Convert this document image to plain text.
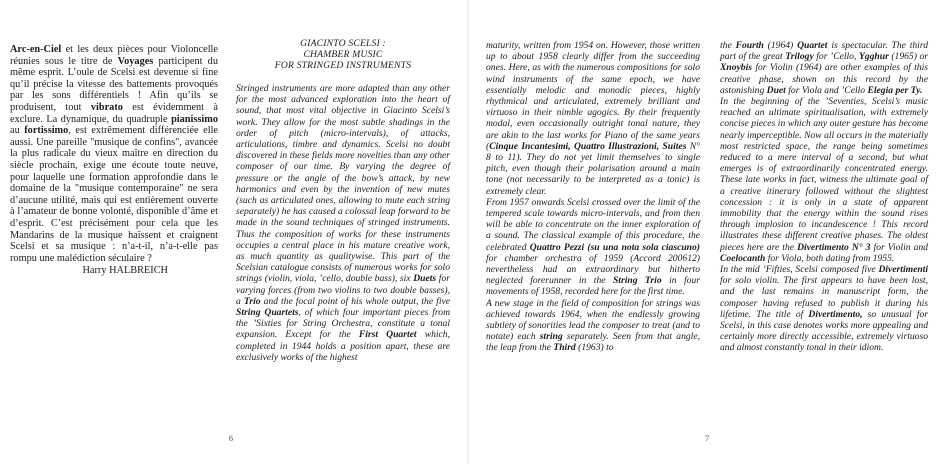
Arc-en-Ciel et les deux pièces pour Violoncelle réunies sous le titre de Voyages participent du même esprit. L’oule de Scelsi est devenue si fine qu’il précise la vitesse des battements provoqués par les sons différentiels ! Afin qu’ils se produisent, tout vibrato est évidemment à exclure. La dynamique, du quadruple pianissimo au fortissimo, est extrêmement différenciée elle aussi. Une pareille "musique de confins", avancée la plus radicale du vieux maître en direction du siècle prochain, exige une écoute toute neuve, pour laquelle une formation approfondie dans le domaine de la "musique contemporaine" ne sera d’aucune utilité, mais qui est entièrement ouverte à l’amateur de bonne volonté, disponible d’âme et d’esprit. C’est précisément pour cela que les Mandarins de la musique haïssent et craignent Scelsi et sa musique : n’a-t-il, n’a-t-elle pas rompu une malédiction séculaire ?

Harry HALBREICH
GIACINTO SCELSI :
CHAMBER MUSIC
FOR STRINGED INSTRUMENTS

Stringed instruments are more adapted than any other for the most advanced exploration into the heart of sound, that most vital objective in Giacinto Scelsi’s work. They allow for the most subtle shadings in the order of pitch (micro-intervals), of attacks, articulations, timbre and dynamics. Scelsi no doubt discovered in these fields more novelties than any other composer of our time. By varying the degree of pressure or the angle of the bow’s attack, by new harmonics and even by the invention of new mutes (such as articulated ones, allowing to mute each string separately) he has caused a colossal leap forward to be made in the sound techniques of stringed instruments. Thus the composition of works for these instruments occupies a central place in his mature creative work, as much quantity as qualitywise. This part of the Scelsian catalogue consists of numerous works for solo strings (violin, viola, ’cello, double bass), six Duets for varying forces (from two violins to two double basses), a Trio and the focal point of his whole output, the five String Quartets, of which four important pieces from the ’Sixties for String Orchestra, constitute a tonal expansion. Except for the First Quartet which, completed in 1944 holds a position apart, these are exclusively works of the highest

maturity, written from 1954 on. However, those written up to about 1958 clearly differ from the succeeding ones. Here, as with the numerous compositions for solo wind instruments of the same epoch, we have essentially melodic and monodic pieces, highly rhythmical and articulated, extremely brilliant and virtuoso in their nimble agogics. By their frequently modal, even occasionally outright tonal nature, they are akin to the last works for Piano of the same years (Cinque Incantesimi, Quattro Illustrazioni, Suites N° 8 to 11). They do not yet limit themselves to single pitch, even though their polarisation around a main tone (not necessarily to be interpreted as a tonic) is extremely clear.

From 1957 onwards Scelsi crossed over the limit of the tempered scale towards micro-intervals, and from then will be able to concentrate on the inner exploration of a sound. The classical example of this procedure, the celebrated Quattro Pezzi (su una nota sola ciascuno) for chamber orchestra of 1959 (Accord 200612) nevertheless had an extraordinary but hitherto neglected forerunner in the String Trio in four movements of 1958, recorded here for the first time.

A new stage in the field of composition for strings was achieved towards 1964, when the endlessly growing subtlety of sonorities lead the composer to treat (and to notate) each string separately. Seen from that angle, the leap from the Third (1963) to

the Fourth (1964) Quartet is spectacular. The third part of the great Trilogy for ’Cello, Ygghur (1965) or Xnoybis for Violin (1964) are other examples of this creative phase, shown on this record by the astonishing Duet for Viola and ’Cello Elegia per Ty.

In the beginning of the ’Seventies, Scelsi’s music reached an ultimate spiritualisation, with extremely concise pieces in which any outer gesture has become nearly imperceptible. Now all occurs in the materially most restricted space, the range being sometimes reduced to a mere interval of a second, but what emerges is of extraordinarily concentrated energy. These late works in fact, witness the ultimate goal of a creative itinerary followed without the slightest concession : it is only in a state of apparent immobility that the energy within the sound rises through implosion to incandescence ! This record illustrates these different creative phases. The oldest pieces here are the Divertimento N° 3 for Violin and Coelocanth for Viola, both dating from 1955.

In the mid ’Fifties, Scelsi composed five Divertimenti for solo violin. The first appears to have been lost, and the last remains in manuscript form, the composer having refused to publish it during his lifetime. The title of Divertimento, so unusual for Scelsi, in this case denotes works more appealing and certainly more directly accessible, extremely virtuoso and almost constantly tonal in their idiom.

6	7
